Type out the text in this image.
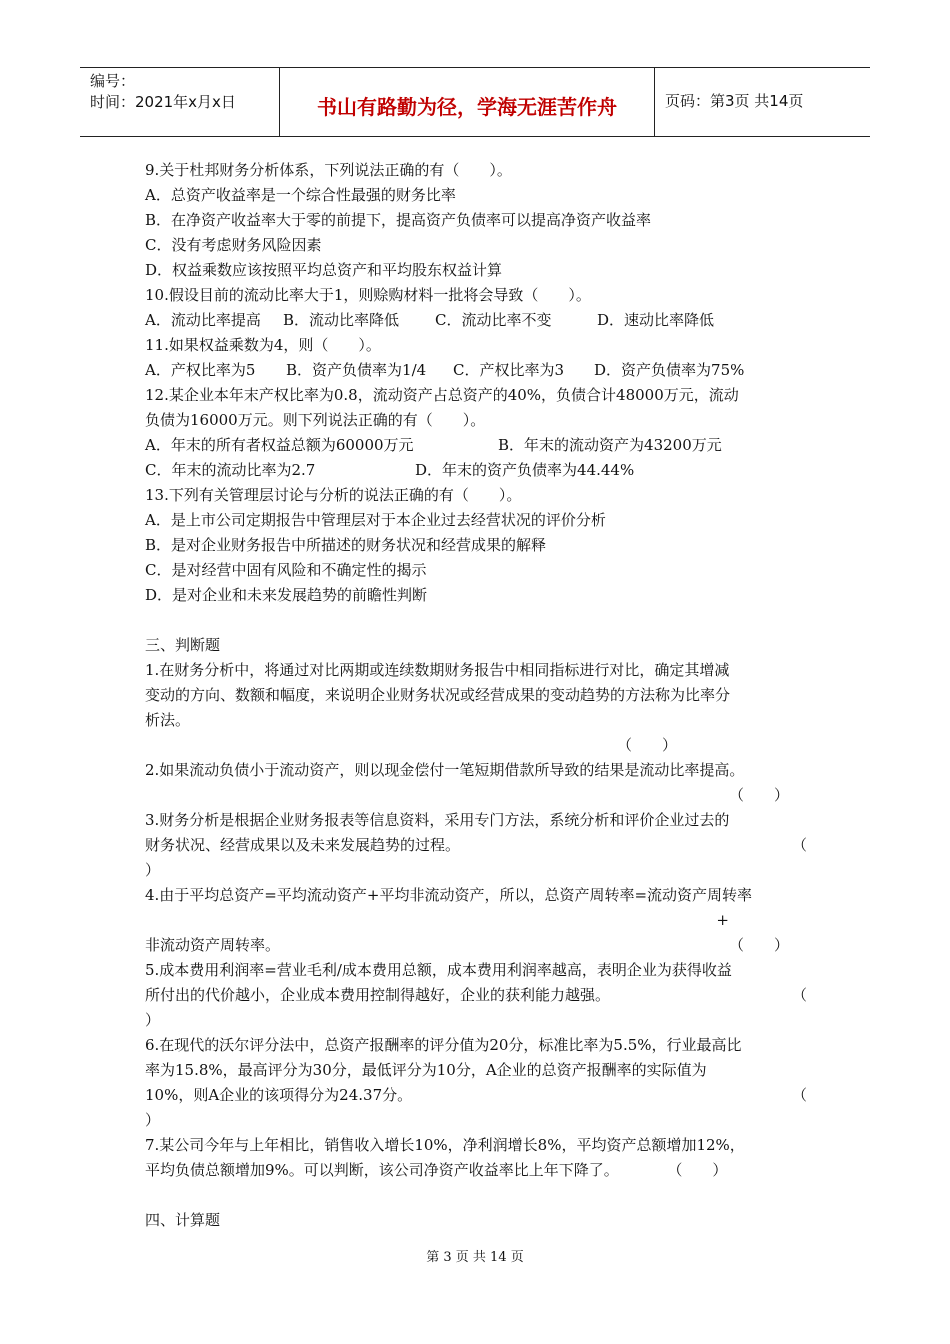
编号：
时间：2021年x月x日	书山有路勤为径，学海无涯苦作舟	页码：第3页 共14页

9.关于杜邦财务分析体系，下列说法正确的有（　　）。

A．总资产收益率是一个综合性最强的财务比率

B．在净资产收益率大于零的前提下，提高资产负债率可以提高净资产收益率

C．没有考虑财务风险因素

D．权益乘数应该按照平均总资产和平均股东权益计算

10.假设目前的流动比率大于1，则赊购材料一批将会导致（　　）。

A．流动比率提高 B．流动比率降低 C．流动比率不变	D．速动比率降低

11.如果权益乘数为4，则（　　）。

A．产权比率为5 B．资产负债率为1/4 C．产权比率为3 D．资产负债率为75%

12.某企业本年末产权比率为0.8，流动资产占总资产的40%，负债合计48000万元，流动

负债为16000万元。则下列说法正确的有（　　）。

A．年末的所有者权益总额为60000万元	B．年末的流动资产为43200万元

C．年末的流动比率为2.7	D．年末的资产负债率为44.44%

13.下列有关管理层讨论与分析的说法正确的有（　　）。

A．是上市公司定期报告中管理层对于本企业过去经营状况的评价分析

B．是对企业财务报告中所描述的财务状况和经营成果的解释

C．是对经营中固有风险和不确定性的揭示

D．是对企业和未来发展趋势的前瞻性判断

三、判断题

1.在财务分析中，将通过对比两期或连续数期财务报告中相同指标进行对比，确定其增减

变动的方向、数额和幅度，来说明企业财务状况或经营成果的变动趋势的方法称为比率分

析法。

（　　）

2.如果流动负债小于流动资产，则以现金偿付一笔短期借款所导致的结果是流动比率提高。

（　　）

3.财务分析是根据企业财务报表等信息资料，采用专门方法，系统分析和评价企业过去的

财务状况、经营成果以及未来发展趋势的过程。	（

）

4.由于平均总资产=平均流动资产+平均非流动资产，所以，总资产周转率=流动资产周转率

+

非流动资产周转率。	（　　）

5.成本费用利润率=营业毛利/成本费用总额，成本费用利润率越高，表明企业为获得收益

所付出的代价越小，企业成本费用控制得越好，企业的获利能力越强。	（

）

6.在现代的沃尔评分法中，总资产报酬率的评分值为20分，标准比率为5.5%，行业最高比

率为15.8%，最高评分为30分，最低评分为10分，A企业的总资产报酬率的实际值为

10%，则A企业的该项得分为24.37分。	（

）

7.某公司今年与上年相比，销售收入增长10%，净利润增长8%，平均资产总额增加12%，

平均负债总额增加9%。可以判断，该公司净资产收益率比上年下降了。	（　　）

四、计算题

第 3 页 共 14 页
